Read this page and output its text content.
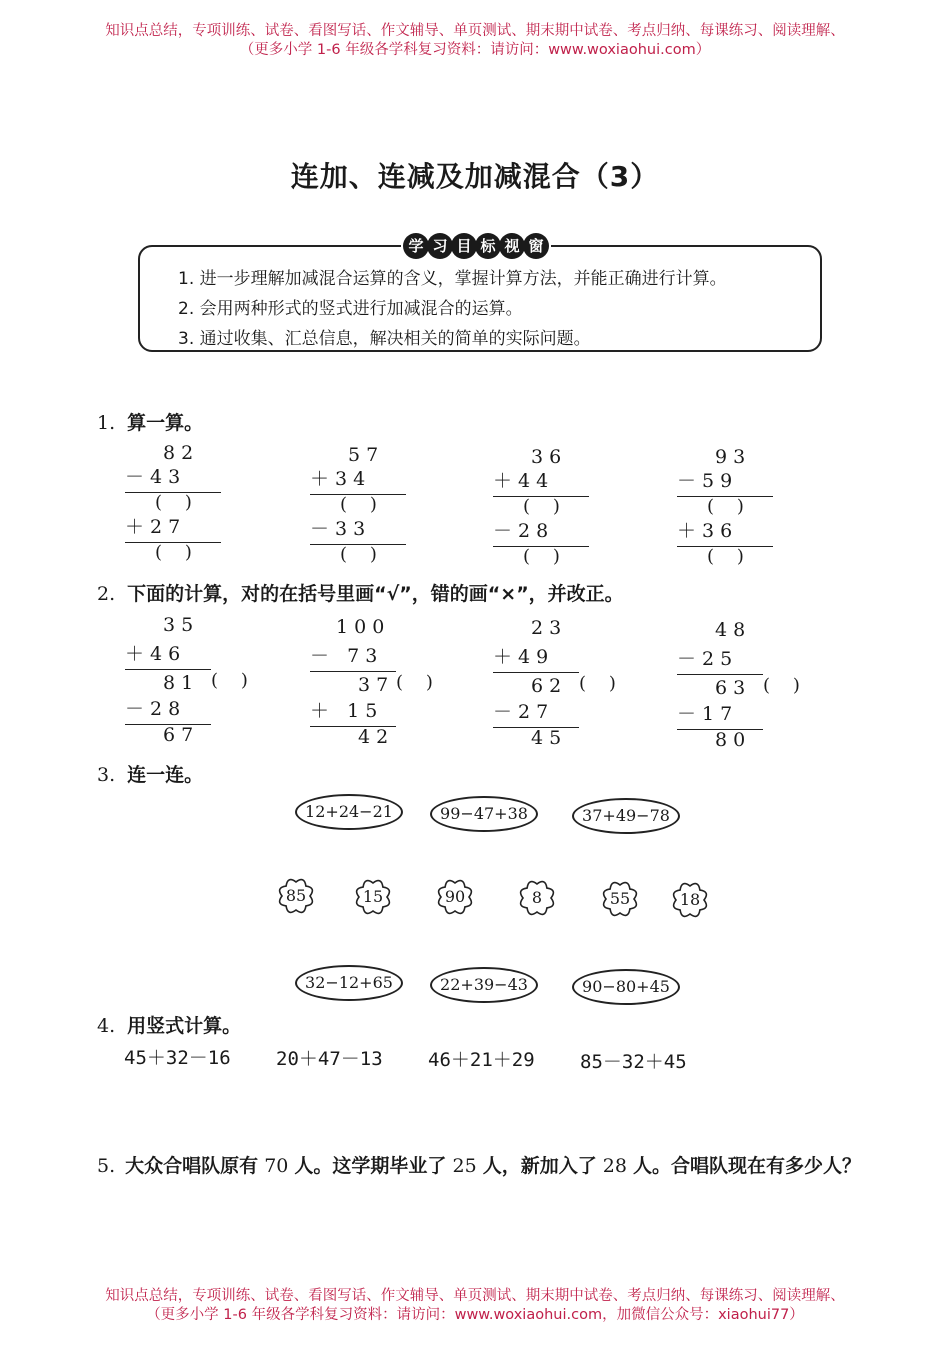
知识点总结，专项训练、试卷、看图写话、作文辅导、单页测试、期末期中试卷、考点归纳、每课练习、阅读理解、
（更多小学 1-6 年级各学科复习资料：请访问：www.woxiaohui.com）
连加、连减及加减混合（3）
学 习 目 标 视 窗
1. 进一步理解加减混合运算的含义，掌握计算方法，并能正确进行计算。
2. 会用两种形式的竖式进行加减混合的运算。
3. 通过收集、汇总信息，解决相关的简单的实际问题。
1. 算一算。
8 2
－ 4 3
(    )
＋ 2 7
(    )
5 7
＋ 3 4
(    )
－ 3 3
(    )
3 6
＋ 4 4
(    )
－ 2 8
(    )
9 3
－ 5 9
(    )
＋ 3 6
(    )
2. 下面的计算，对的在括号里画“√”，错的画“×”，并改正。
3 5
＋ 4 6
8 1 (    )
－ 2 8
6 7
1 0 0
－   7 3
3 7 (    )
＋   1 5
4 2
2 3
＋ 4 9
6 2 (    )
－ 2 7
4 5
4 8
－ 2 5
6 3 (    )
－ 1 7
8 0
3. 连一连。
12+24−21	99−47+38	37+49−78
85	15	90	8	55	18
32−12+65	22+39−43	90−80+45
4. 用竖式计算。
45＋32－16 20＋47－13 46＋21＋29 85－32＋45
5. 大众合唱队原有 70 人。这学期毕业了 25 人，新加入了 28 人。合唱队现在有多少人？
知识点总结，专项训练、试卷、看图写话、作文辅导、单页测试、期末期中试卷、考点归纳、每课练习、阅读理解、
（更多小学 1-6 年级各学科复习资料：请访问：www.woxiaohui.com，加微信公众号：xiaohui77）
